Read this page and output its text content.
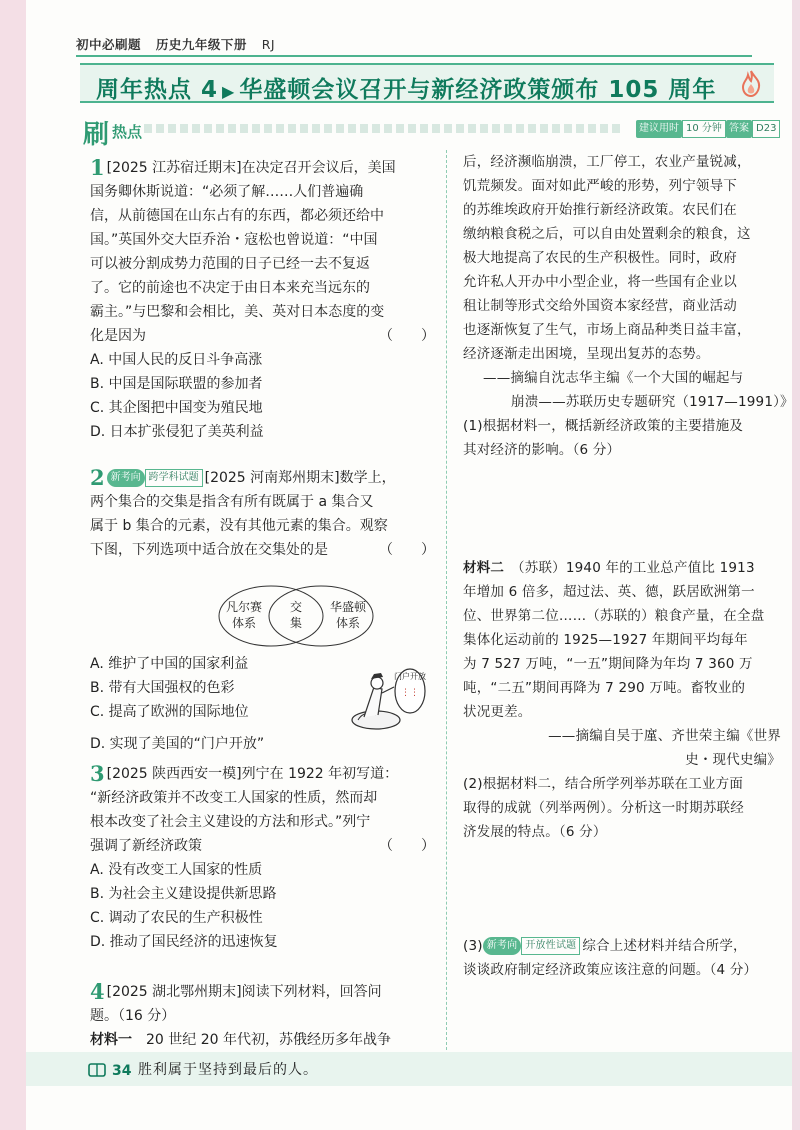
初中必刷题 历史九年级下册 RJ
周年热点 4 ▶ 华盛顿会议召开与新经济政策颁布 105 周年
刷 热点	建议用时 10 分钟 答案 D23
1 [2025 江苏宿迁期末]在决定召开会议后，美国
国务卿休斯说道：“必须了解……人们普遍确
信，从前德国在山东占有的东西，都必须还给中
国。”英国外交大臣乔治・寇松也曾说道：“中国
可以被分割成势力范围的日子已经一去不复返
了。它的前途也不决定于由日本来充当远东的
霸主。”与巴黎和会相比，美、英对日本态度的变
化是因为	（　　）
A. 中国人民的反日斗争高涨
B. 中国是国际联盟的参加者
C. 其企图把中国变为殖民地
D. 日本扩张侵犯了美英利益
2 新考向 跨学科试题 [2025 河南郑州期末]数学上，
两个集合的交集是指含有所有既属于 a 集合又
属于 b 集合的元素，没有其他元素的集合。观察
下图，下列选项中适合放在交集处的是	（　　）
凡尔赛
体系
交
集
华盛顿
体系
A. 维护了中国的国家利益
B. 带有大国强权的色彩
C. 提高了欧洲的国际地位
D. 实现了美国的“门户开放”
门户开放
⋮⋮
3 [2025 陕西西安一模]列宁在 1922 年初写道：
“新经济政策并不改变工人国家的性质，然而却
根本改变了社会主义建设的方法和形式。”列宁
强调了新经济政策	（　　）
A. 没有改变工人国家的性质
B. 为社会主义建设提供新思路
C. 调动了农民的生产积极性
D. 推动了国民经济的迅速恢复
4 [2025 湖北鄂州期末]阅读下列材料，回答问
题。（16 分）
材料一　20 世纪 20 年代初，苏俄经历多年战争
后，经济濒临崩溃，工厂停工，农业产量锐减，
饥荒频发。面对如此严峻的形势，列宁领导下
的苏维埃政府开始推行新经济政策。农民们在
缴纳粮食税之后，可以自由处置剩余的粮食，这
极大地提高了农民的生产积极性。同时，政府
允许私人开办中小型企业，将一些国有企业以
租让制等形式交给外国资本家经营，商业活动
也逐渐恢复了生气，市场上商品种类日益丰富，
经济逐渐走出困境，呈现出复苏的态势。
——摘编自沈志华主编《一个大国的崛起与
崩溃——苏联历史专题研究（1917—1991）》
(1)根据材料一，概括新经济政策的主要措施及
其对经济的影响。（6 分）
材料二　（苏联）1940 年的工业总产值比 1913
年增加 6 倍多，超过法、英、德，跃居欧洲第一
位、世界第二位……（苏联的）粮食产量，在全盘
集体化运动前的 1925—1927 年期间平均每年
为 7 527 万吨，“一五”期间降为年均 7 360 万
吨，“二五”期间再降为 7 290 万吨。畜牧业的
状况更差。
——摘编自吴于廑、齐世荣主编《世界
史・现代史编》
(2)根据材料二，结合所学列举苏联在工业方面
取得的成就（列举两例）。分析这一时期苏联经
济发展的特点。（6 分）
(3) 新考向 开放性试题 综合上述材料并结合所学，
谈谈政府制定经济政策应该注意的问题。（4 分）
34 胜利属于坚持到最后的人。
